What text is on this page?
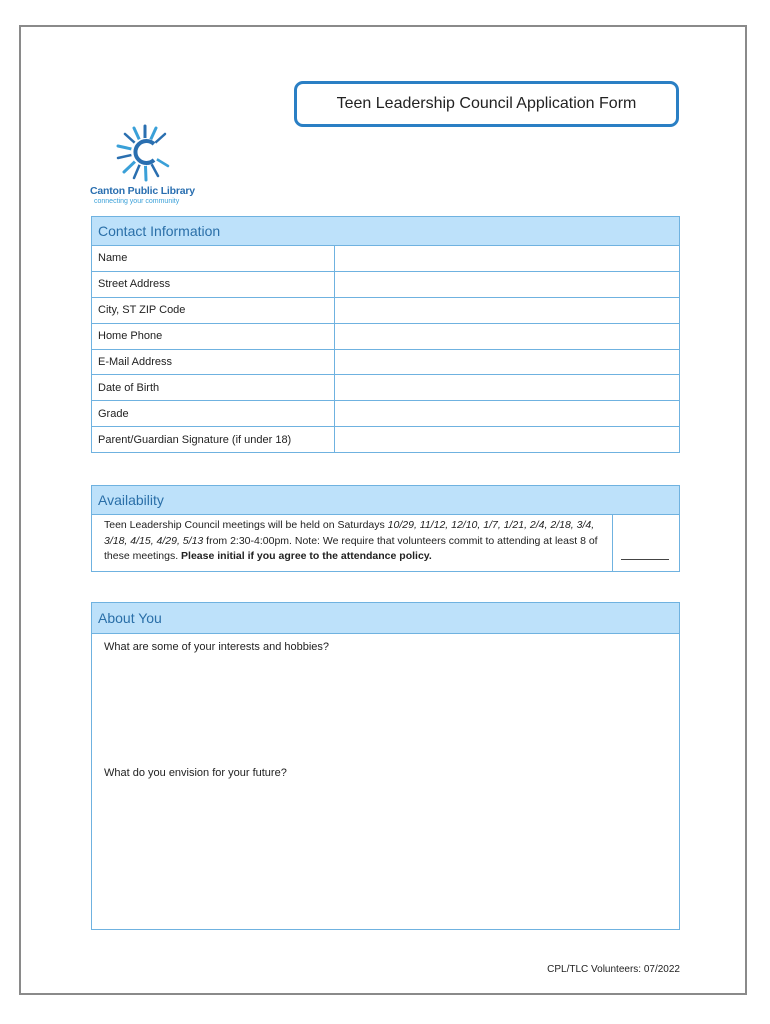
Teen Leadership Council Application Form
Canton Public Library
connecting your community
Contact Information
Name
Street Address
City, ST ZIP Code
Home Phone
E-Mail Address
Date of Birth
Grade
Parent/Guardian Signature (if under 18)
Availability
Teen Leadership Council meetings will be held on Saturdays 10/29, 11/12, 12/10, 1/7, 1/21, 2/4, 2/18, 3/4, 3/18, 4/15, 4/29, 5/13 from 2:30-4:00pm. Note: We require that volunteers commit to attending at least 8 of these meetings. Please initial if you agree to the attendance policy.
About You
What are some of your interests and hobbies?
What do you envision for your future?
CPL/TLC Volunteers: 07/2022
